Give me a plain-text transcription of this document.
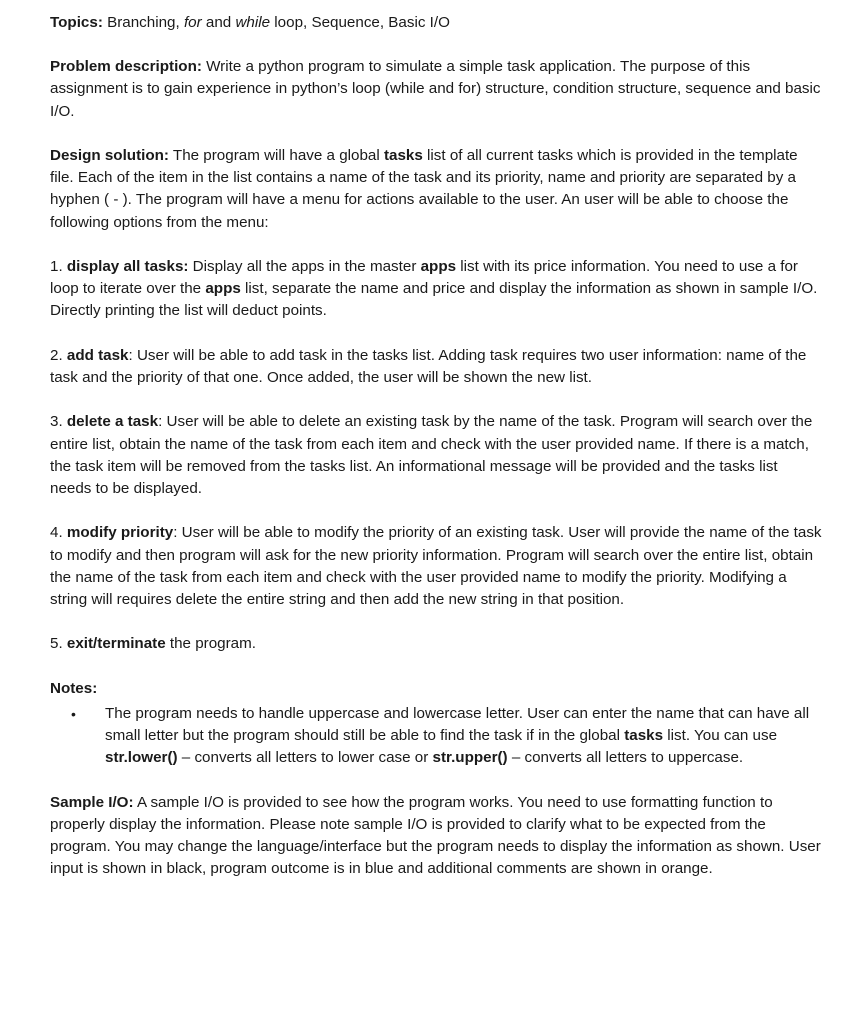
Topics: Branching, for and while loop, Sequence, Basic I/O

Problem description: Write a python program to simulate a simple task application. The purpose of this assignment is to gain experience in python’s loop (while and for) structure, condition structure, sequence and basic I/O.

Design solution: The program will have a global tasks list of all current tasks which is provided in the template file. Each of the item in the list contains a name of the task and its priority, name and priority are separated by a hyphen ( - ). The program will have a menu for actions available to the user. An user will be able to choose the following options from the menu:

1. display all tasks: Display all the apps in the master apps list with its price information. You need to use a for loop to iterate over the apps list, separate the name and price and display the information as shown in sample I/O. Directly printing the list will deduct points.

2. add task: User will be able to add task in the tasks list. Adding task requires two user information: name of the task and the priority of that one. Once added, the user will be shown the new list.

3. delete a task: User will be able to delete an existing task by the name of the task. Program will search over the entire list, obtain the name of the task from each item and check with the user provided name. If there is a match, the task item will be removed from the tasks list. An informational message will be provided and the tasks list needs to be displayed.

4. modify priority: User will be able to modify the priority of an existing task. User will provide the name of the task to modify and then program will ask for the new priority information. Program will search over the entire list, obtain the name of the task from each item and check with the user provided name to modify the priority. Modifying a string will requires delete the entire string and then add the new string in that position.

5. exit/terminate the program.

Notes:

• The program needs to handle uppercase and lowercase letter. User can enter the name that can have all small letter but the program should still be able to find the task if in the global tasks list. You can use str.lower() – converts all letters to lower case or str.upper() – converts all letters to uppercase.

Sample I/O: A sample I/O is provided to see how the program works. You need to use formatting function to properly display the information. Please note sample I/O is provided to clarify what to be expected from the program. You may change the language/interface but the program needs to display the information as shown. User input is shown in black, program outcome is in blue and additional comments are shown in orange.
